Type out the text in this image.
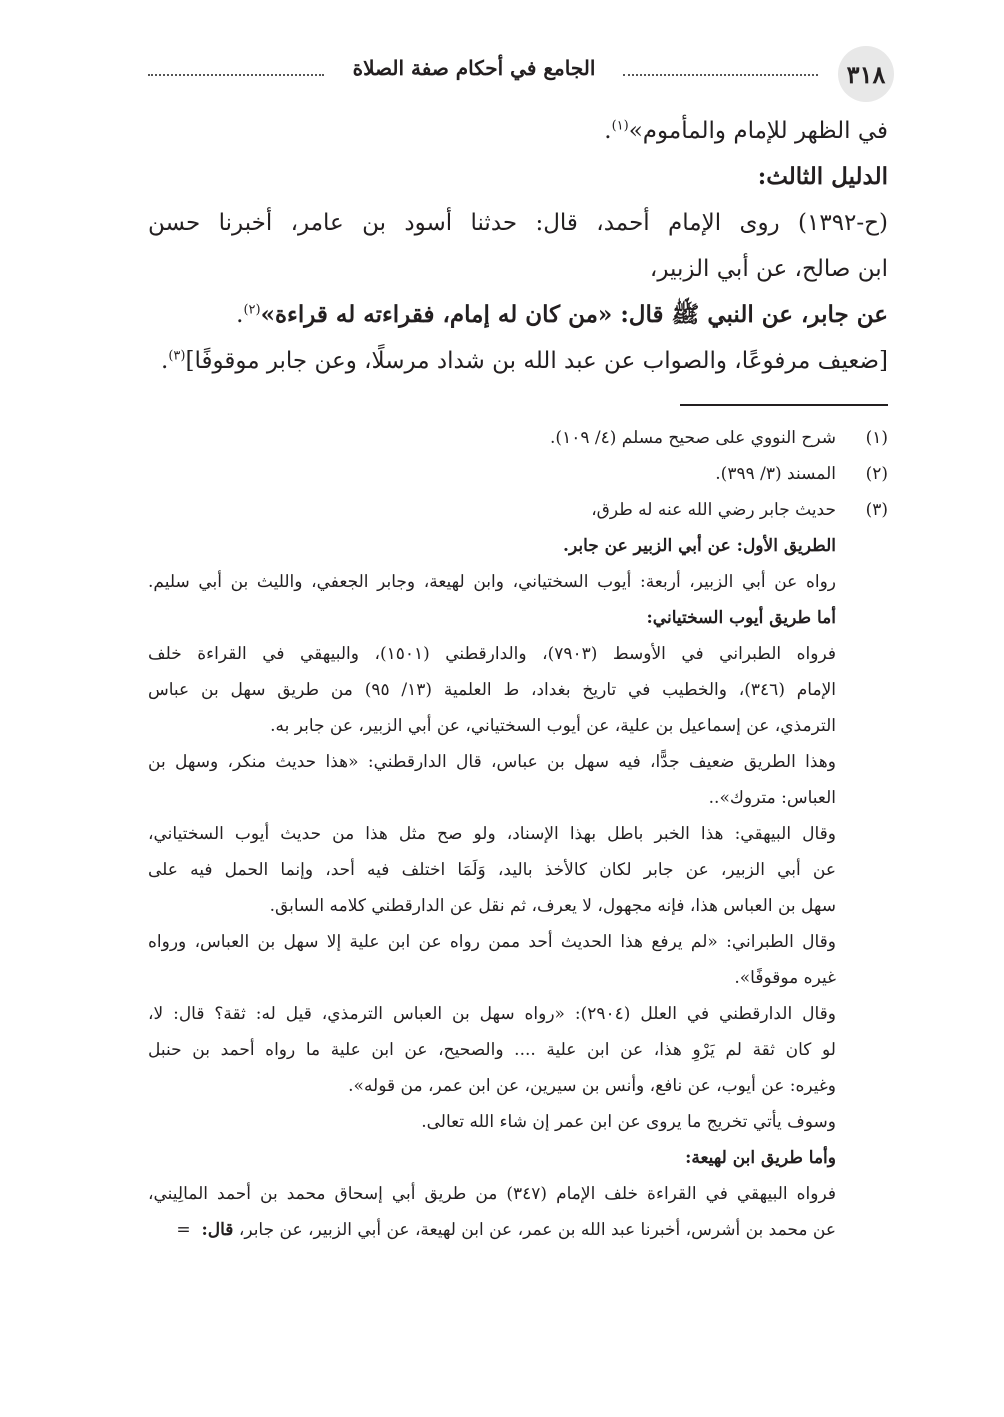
٣١٨
الجامع في أحكام صفة الصلاة
في الظهر للإمام والمأموم»$^{(١)}$.
الدليل الثالث:
(ح-١٣٩٢) روى الإمام أحمد، قال: حدثنا أسود بن عامر، أخبرنا حسن
ابن صالح، عن أبي الزبير،
عن جابر، عن النبي ﷺ قال: «من كان له إمام، فقراءته له قراءة»$^{(٢)}$.
[ضعيف مرفوعًا، والصواب عن عبد الله بن شداد مرسلًا، وعن جابر موقوفًا]$^{(٣)}$.
(١)
شرح النووي على صحيح مسلم (٤/ ١٠٩).
(٢)
المسند (٣/ ٣٩٩).
(٣)
حديث جابر رضي الله عنه له طرق،
الطريق الأول: عن أبي الزبير عن جابر.
رواه عن أبي الزبير، أربعة: أيوب السختياني، وابن لهيعة، وجابر الجعفي، والليث بن أبي سليم.
أما طريق أيوب السختياني:
فرواه الطبراني في الأوسط (٧٩٠٣)، والدارقطني (١٥٠١)، والبيهقي في القراءة خلف
الإمام (٣٤٦)، والخطيب في تاريخ بغداد، ط العلمية (١٣/ ٩٥) من طريق سهل بن عباس
الترمذي، عن إسماعيل بن علية، عن أيوب السختياني، عن أبي الزبير، عن جابر به.
وهذا الطريق ضعيف جدًّا، فيه سهل بن عباس، قال الدارقطني: «هذا حديث منكر، وسهل بن
العباس: متروك»..
وقال البيهقي: هذا الخبر باطل بهذا الإسناد، ولو صح مثل هذا من حديث أيوب السختياني،
عن أبي الزبير، عن جابر لكان كالأخذ باليد، وَلَمَا اختلف فيه أحد، وإنما الحمل فيه على
سهل بن العباس هذا، فإنه مجهول، لا يعرف، ثم نقل عن الدارقطني كلامه السابق.
وقال الطبراني: «لم يرفع هذا الحديث أحد ممن رواه عن ابن علية إلا سهل بن العباس، ورواه
غيره موقوفًا».
وقال الدارقطني في العلل (٢٩٠٤): «رواه سهل بن العباس الترمذي، قيل له: ثقة؟ قال: لا،
لو كان ثقة لم يَرْوِ هذا، عن ابن علية .... والصحيح، عن ابن علية ما رواه أحمد بن حنبل
وغيره: عن أيوب، عن نافع، وأنس بن سيرين، عن ابن عمر، من قوله».
وسوف يأتي تخريج ما يروى عن ابن عمر إن شاء الله تعالى.
وأما طريق ابن لهيعة:
فرواه البيهقي في القراءة خلف الإمام (٣٤٧) من طريق أبي إسحاق محمد بن أحمد المالِيني،
عن محمد بن أشرس، أخبرنا عبد الله بن عمر، عن ابن لهيعة، عن أبي الزبير، عن جابر، قال:  =
